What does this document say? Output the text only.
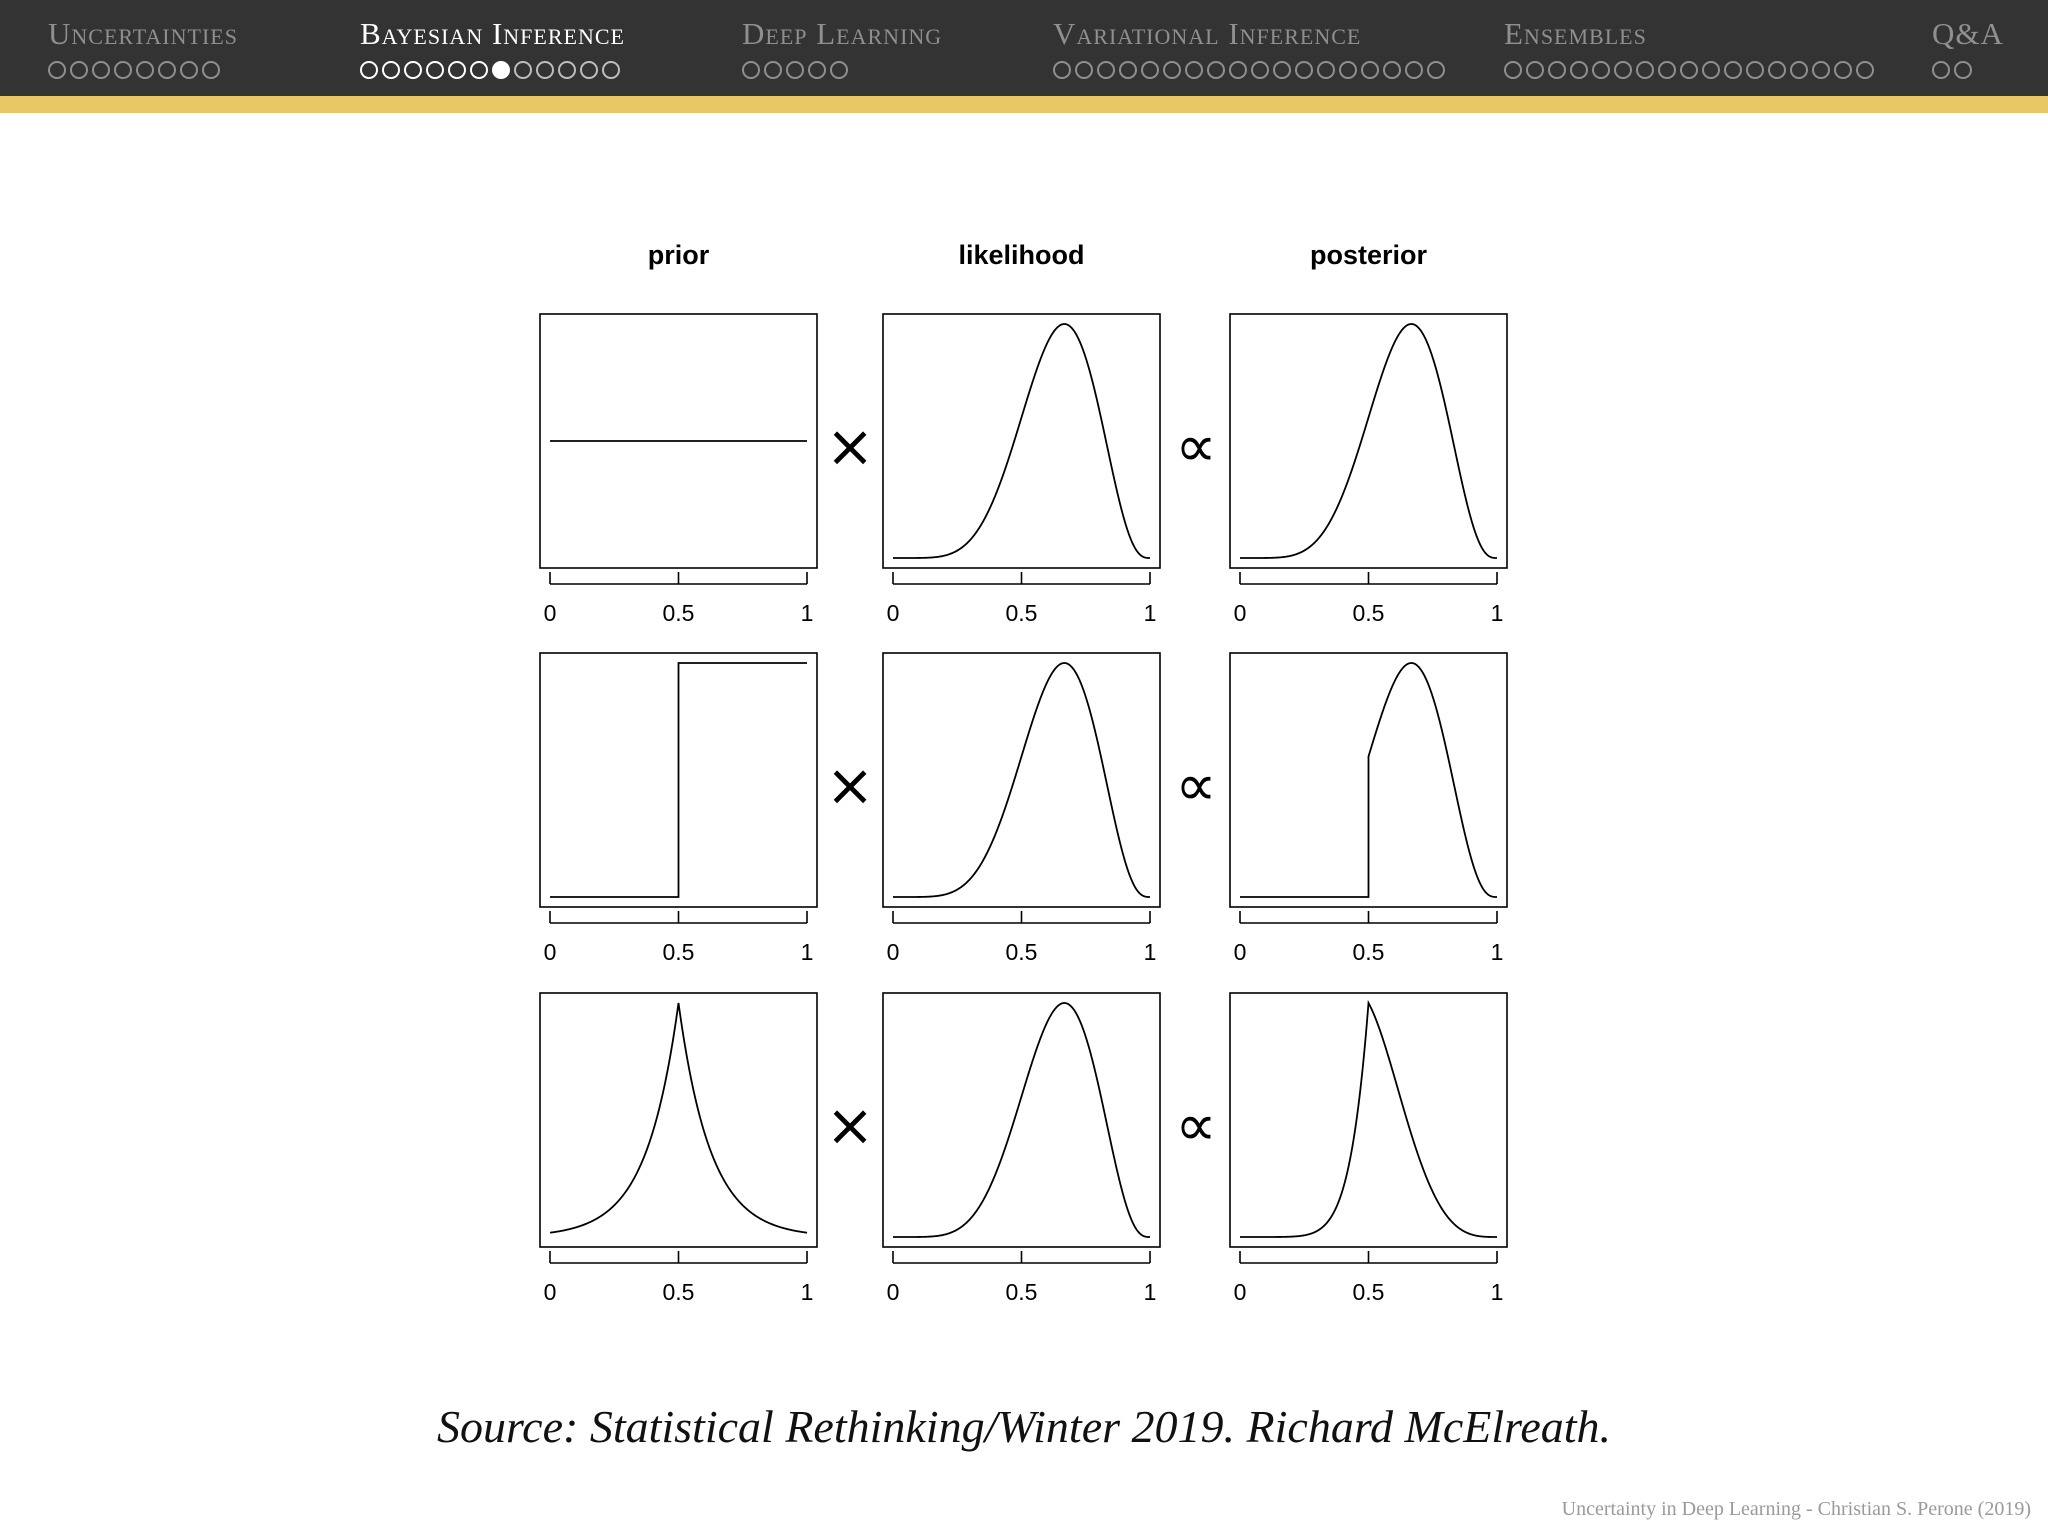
Uncertainties	Bayesian Inference	Deep Learning	Variational Inference	Ensembles	Q&A
prior	likelihood	posterior
0	0.5	1	0	0.5	1	0	0.5	1
×	∝
0	0.5	1	0	0.5	1	0	0.5	1
×	∝
0	0.5	1	0	0.5	1	0	0.5	1
×	∝
Source: Statistical Rethinking/Winter 2019. Richard McElreath.
Uncertainty in Deep Learning - Christian S. Perone (2019)
